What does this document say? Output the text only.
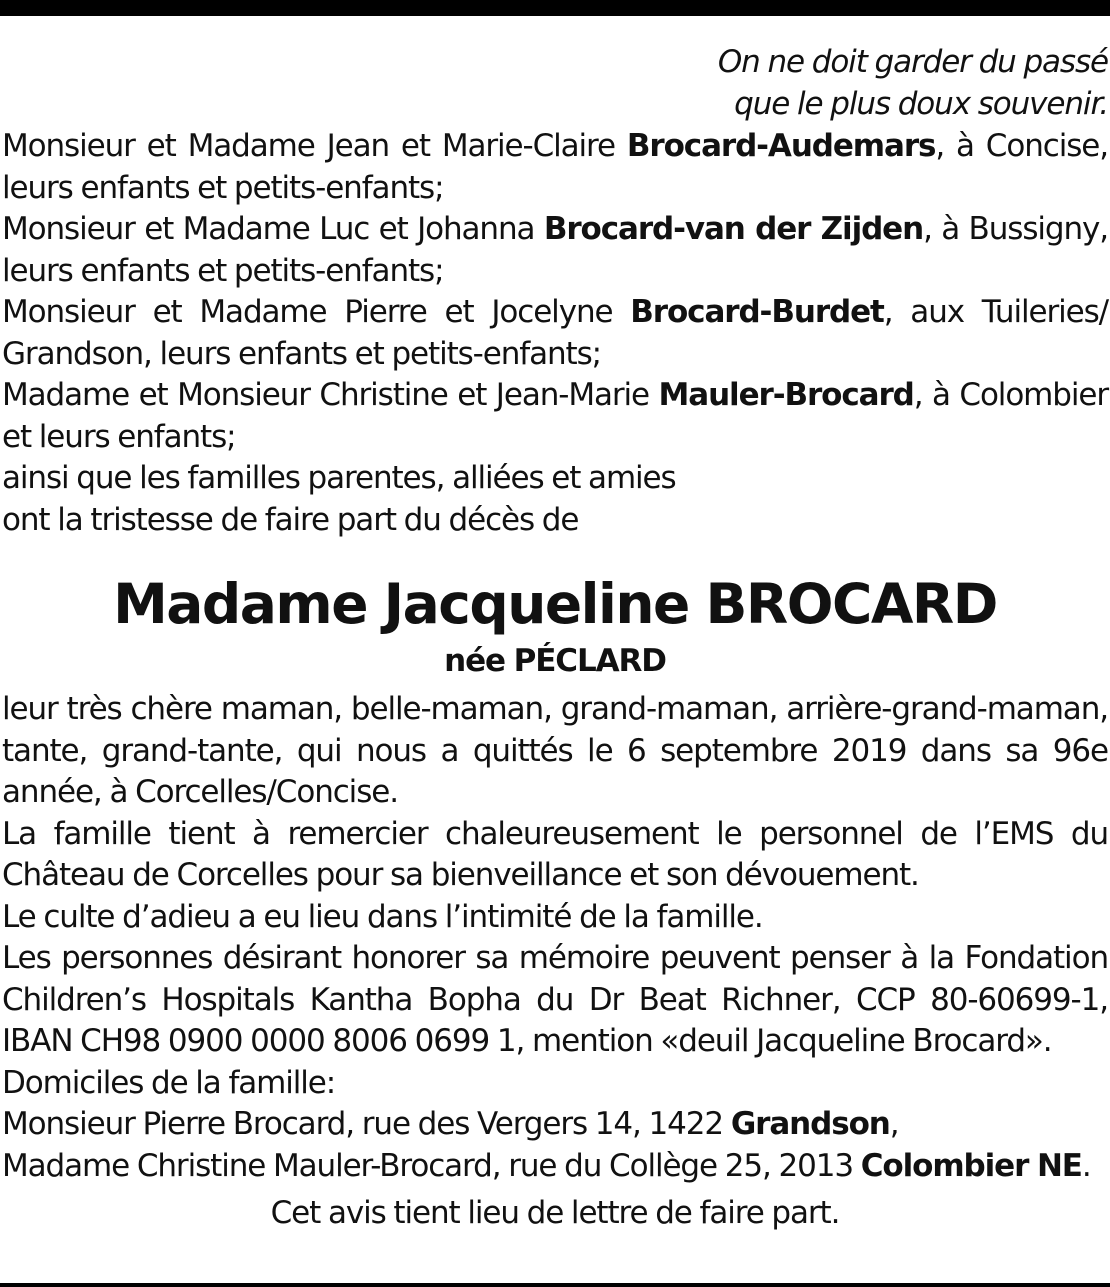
On ne doit garder du passé
que le plus doux souvenir.
Monsieur et Madame Jean et Marie-Claire Brocard-Audemars, à Concise, leurs enfants et petits-enfants;
Monsieur et Madame Luc et Johanna Brocard-van der Zijden, à Bussigny, leurs enfants et petits-enfants;
Monsieur et Madame Pierre et Jocelyne Brocard-Burdet, aux Tuileries/ Grandson, leurs enfants et petits-enfants;
Madame et Monsieur Christine et Jean-Marie Mauler-Brocard, à Colombier et leurs enfants;
ainsi que les familles parentes, alliées et amies
ont la tristesse de faire part du décès de
Madame Jacqueline BROCARD
née PÉCLARD
leur très chère maman, belle-maman, grand-maman, arrière-grand-maman, tante, grand-tante, qui nous a quittés le 6 septembre 2019 dans sa 96e année, à Corcelles/Concise.
La famille tient à remercier chaleureusement le personnel de l’EMS du Château de Corcelles pour sa bienveillance et son dévouement.
Le culte d’adieu a eu lieu dans l’intimité de la famille.
Les personnes désirant honorer sa mémoire peuvent penser à la Fondation Children’s Hospitals Kantha Bopha du Dr Beat Richner, CCP 80-60699-1, IBAN CH98 0900 0000 8006 0699 1, mention «deuil Jacqueline Brocard».
Domiciles de la famille:
Monsieur Pierre Brocard, rue des Vergers 14, 1422 Grandson,
Madame Christine Mauler-Brocard, rue du Collège 25, 2013 Colombier NE.
Cet avis tient lieu de lettre de faire part.
